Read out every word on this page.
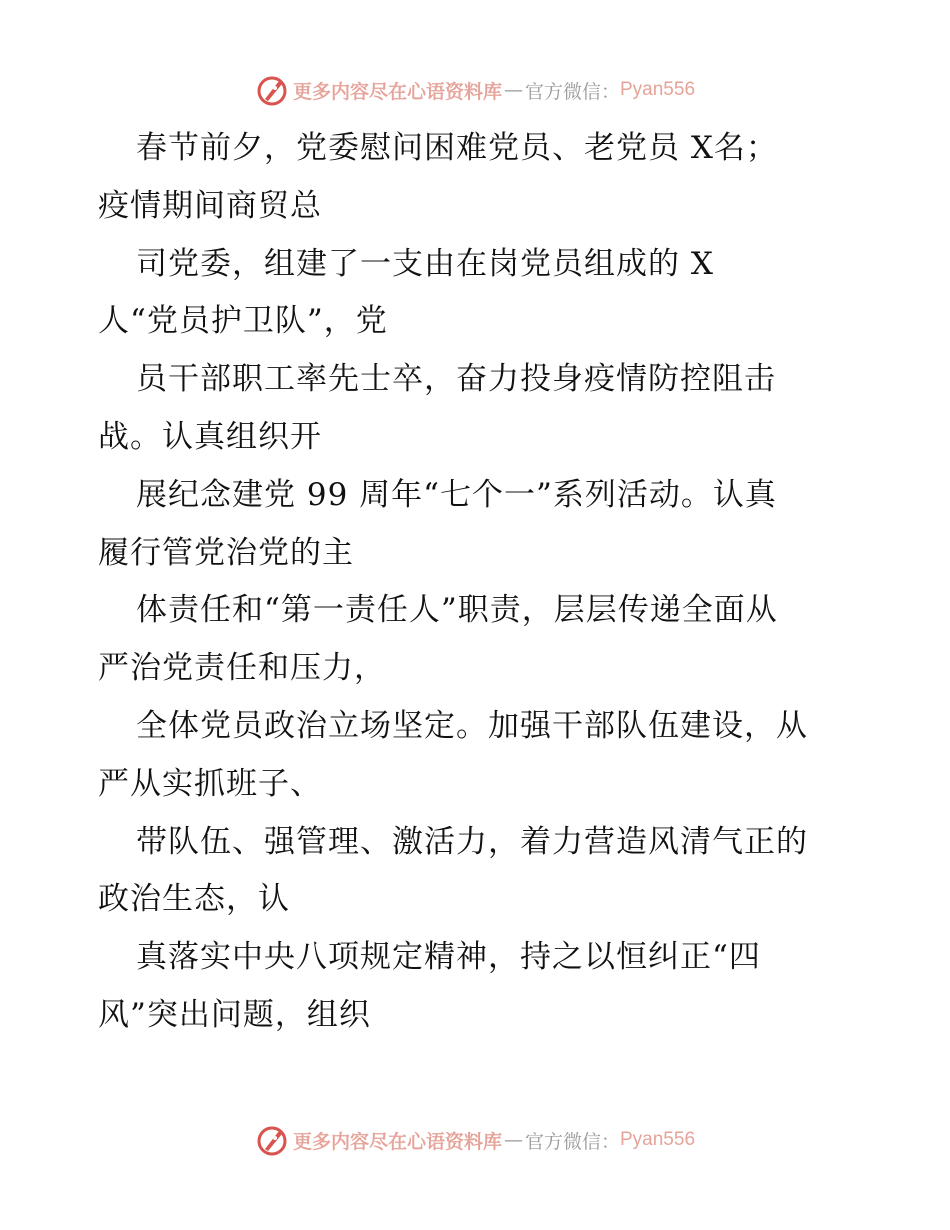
更多内容尽在心语资料库 — 官方微信： Pyan556
春节前夕，党委慰问困难党员、老党员 X名；
疫情期间商贸总
司党委，组建了一支由在岗党员组成的 X
人“党员护卫队”，党
员干部职工率先士卒，奋力投身疫情防控阻击
战。认真组织开
展纪念建党 99 周年“七个一”系列活动。认真
履行管党治党的主
体责任和“第一责任人”职责，层层传递全面从
严治党责任和压力，
全体党员政治立场坚定。加强干部队伍建设，从
严从实抓班子、
带队伍、强管理、激活力，着力营造风清气正的
政治生态，认
真落实中央八项规定精神，持之以恒纠正“四
风”突出问题，组织
更多内容尽在心语资料库 — 官方微信： Pyan556
